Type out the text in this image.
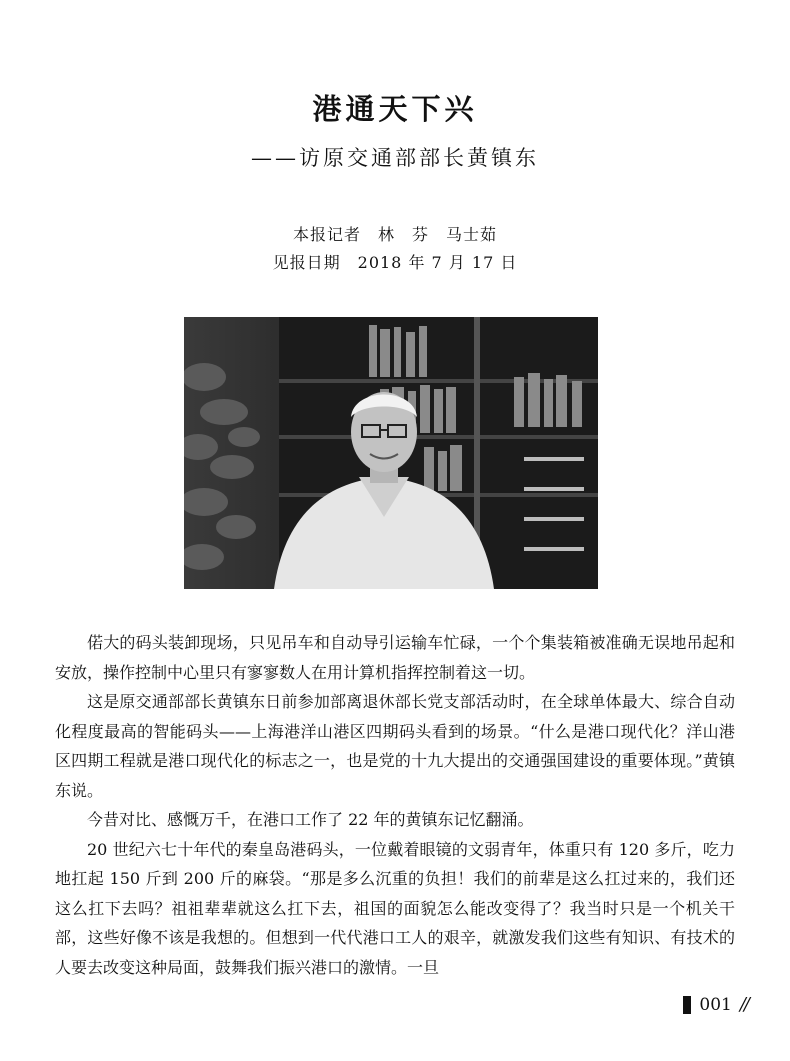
港通天下兴
——访原交通部部长黄镇东
本报记者　林　芬　马士茹
见报日期　2018 年 7 月 17 日

偌大的码头装卸现场，只见吊车和自动导引运输车忙碌，一个个集装箱被准确无误地吊起和安放，操作控制中心里只有寥寥数人在用计算机指挥控制着这一切。

这是原交通部部长黄镇东日前参加部离退休部长党支部活动时，在全球单体最大、综合自动化程度最高的智能码头——上海港洋山港区四期码头看到的场景。“什么是港口现代化？洋山港区四期工程就是港口现代化的标志之一，也是党的十九大提出的交通强国建设的重要体现。”黄镇东说。

今昔对比、感慨万千，在港口工作了 22 年的黄镇东记忆翻涌。

20 世纪六七十年代的秦皇岛港码头，一位戴着眼镜的文弱青年，体重只有 120 多斤，吃力地扛起 150 斤到 200 斤的麻袋。“那是多么沉重的负担！我们的前辈是这么扛过来的，我们还这么扛下去吗？祖祖辈辈就这么扛下去，祖国的面貌怎么能改变得了？我当时只是一个机关干部，这些好像不该是我想的。但想到一代代港口工人的艰辛，就激发我们这些有知识、有技术的人要去改变这种局面，鼓舞我们振兴港口的激情。一旦

001 //
